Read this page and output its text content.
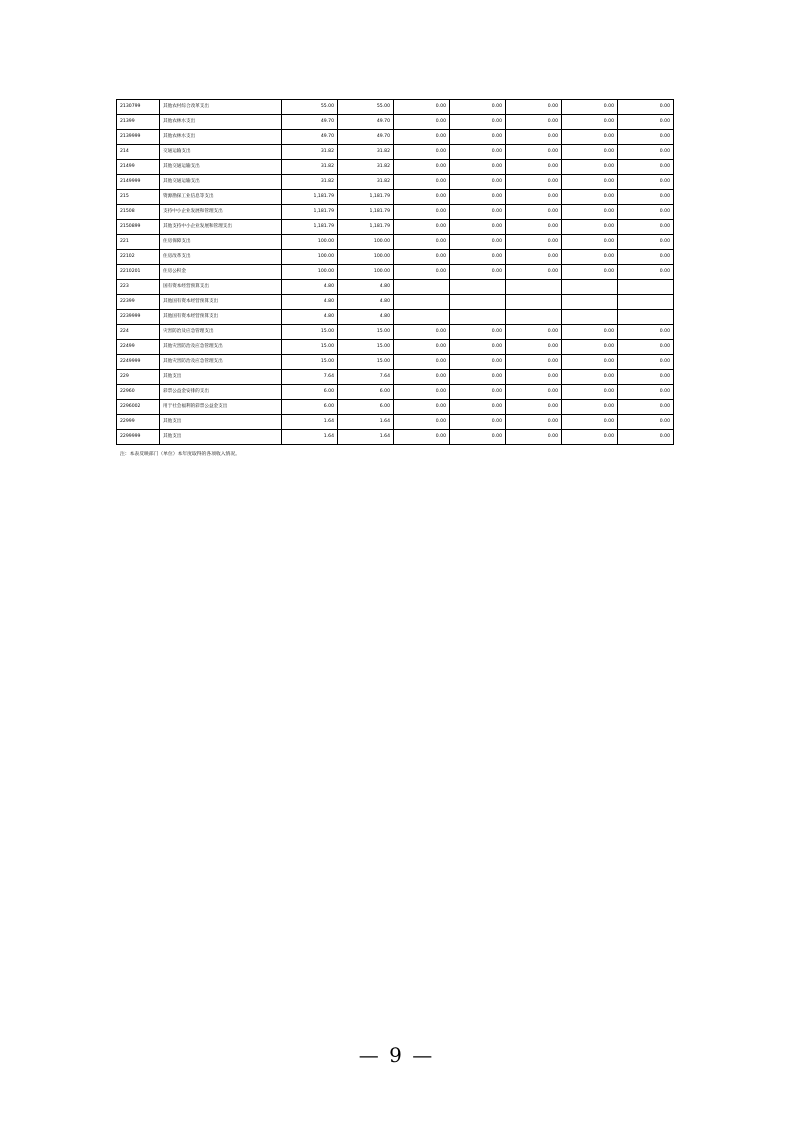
2130799	其他农村综合改革支出	55.00	55.00	0.00	0.00	0.00	0.00	0.00
21399	其他农林水支出	49.70	49.70	0.00	0.00	0.00	0.00	0.00
2139999	其他农林水支出	49.70	49.70	0.00	0.00	0.00	0.00	0.00
214	交通运输支出	31.82	31.82	0.00	0.00	0.00	0.00	0.00
21499	其他交通运输支出	31.82	31.82	0.00	0.00	0.00	0.00	0.00
2149999	其他交通运输支出	31.82	31.82	0.00	0.00	0.00	0.00	0.00
215	资源勘探工业信息等支出	1,181.79	1,181.79	0.00	0.00	0.00	0.00	0.00
21508	支持中小企业发展和管理支出	1,181.79	1,181.79	0.00	0.00	0.00	0.00	0.00
2150899	其他支持中小企业发展和管理支出	1,181.79	1,181.79	0.00	0.00	0.00	0.00	0.00
221	住房保障支出	100.00	100.00	0.00	0.00	0.00	0.00	0.00
22102	住房改革支出	100.00	100.00	0.00	0.00	0.00	0.00	0.00
2210201	住房公积金	100.00	100.00	0.00	0.00	0.00	0.00	0.00
223	国有资本经营预算支出	4.80	4.80					
22399	其他国有资本经营预算支出	4.80	4.80					
2239999	其他国有资本经营预算支出	4.80	4.80					
224	灾害防治及应急管理支出	15.00	15.00	0.00	0.00	0.00	0.00	0.00
22499	其他灾害防治及应急管理支出	15.00	15.00	0.00	0.00	0.00	0.00	0.00
2249999	其他灾害防治及应急管理支出	15.00	15.00	0.00	0.00	0.00	0.00	0.00
229	其他支出	7.64	7.64	0.00	0.00	0.00	0.00	0.00
22960	彩票公益金安排的支出	6.00	6.00	0.00	0.00	0.00	0.00	0.00
2296002	用于社会福利的彩票公益金支出	6.00	6.00	0.00	0.00	0.00	0.00	0.00
22999	其他支出	1.64	1.64	0.00	0.00	0.00	0.00	0.00
2299999	其他支出	1.64	1.64	0.00	0.00	0.00	0.00	0.00
注：本表反映部门（单位）本年度取得的各项收入情况。
— 9 —
